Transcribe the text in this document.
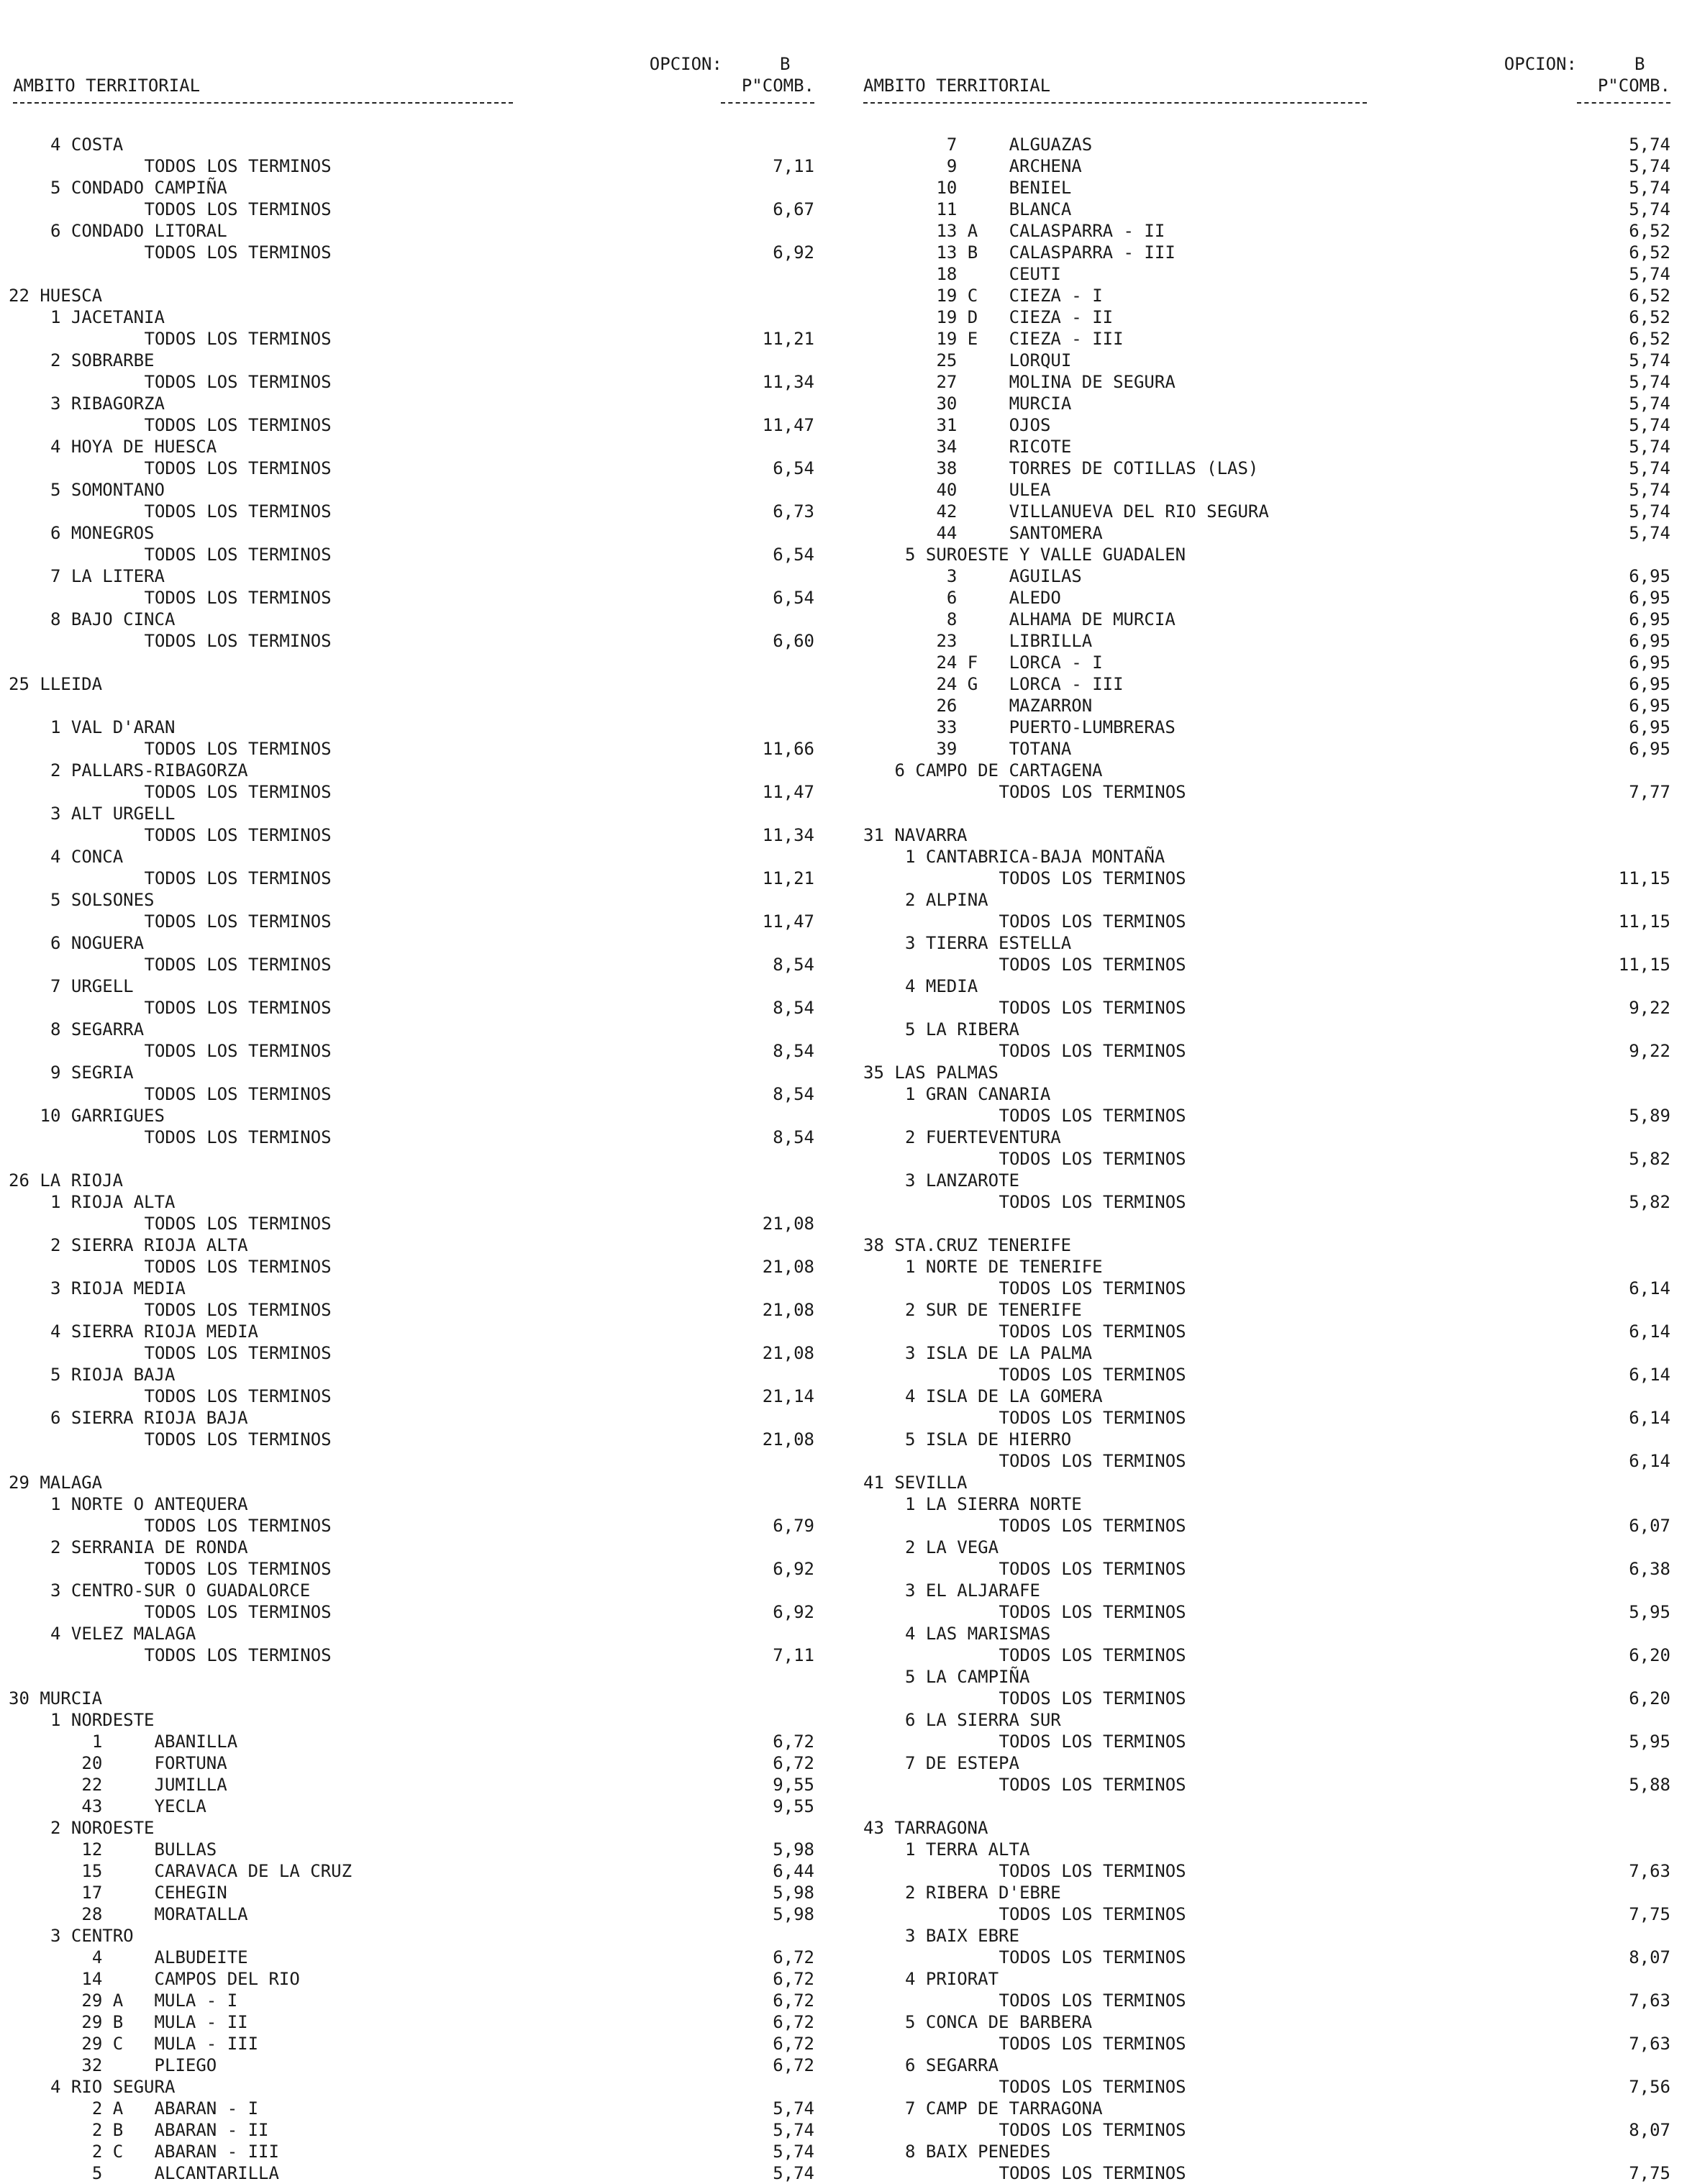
OPCION:	B

AMBITO TERRITORIAL	P"COMB.
4 COSTA
TODOS LOS TERMINOS	7,11
5 CONDADO CAMPIÑA
TODOS LOS TERMINOS	6,67
6 CONDADO LITORAL
TODOS LOS TERMINOS	6,92
22 HUESCA
1 JACETANIA
TODOS LOS TERMINOS	11,21
2 SOBRARBE
TODOS LOS TERMINOS	11,34
3 RIBAGORZA
TODOS LOS TERMINOS	11,47
4 HOYA DE HUESCA
TODOS LOS TERMINOS	6,54
5 SOMONTANO
TODOS LOS TERMINOS	6,73
6 MONEGROS
TODOS LOS TERMINOS	6,54
7 LA LITERA
TODOS LOS TERMINOS	6,54
8 BAJO CINCA
TODOS LOS TERMINOS	6,60
25 LLEIDA
1 VAL D'ARAN
TODOS LOS TERMINOS	11,66
2 PALLARS-RIBAGORZA
TODOS LOS TERMINOS	11,47
3 ALT URGELL
TODOS LOS TERMINOS	11,34
4 CONCA
TODOS LOS TERMINOS	11,21
5 SOLSONES
TODOS LOS TERMINOS	11,47
6 NOGUERA
TODOS LOS TERMINOS	8,54
7 URGELL
TODOS LOS TERMINOS	8,54
8 SEGARRA
TODOS LOS TERMINOS	8,54
9 SEGRIA
TODOS LOS TERMINOS	8,54
10 GARRIGUES
TODOS LOS TERMINOS	8,54
26 LA RIOJA
1 RIOJA ALTA
TODOS LOS TERMINOS	21,08
2 SIERRA RIOJA ALTA
TODOS LOS TERMINOS	21,08
3 RIOJA MEDIA
TODOS LOS TERMINOS	21,08
4 SIERRA RIOJA MEDIA
TODOS LOS TERMINOS	21,08
5 RIOJA BAJA
TODOS LOS TERMINOS	21,14
6 SIERRA RIOJA BAJA
TODOS LOS TERMINOS	21,08
29 MALAGA
1 NORTE O ANTEQUERA
TODOS LOS TERMINOS	6,79
2 SERRANIA DE RONDA
TODOS LOS TERMINOS	6,92
3 CENTRO-SUR O GUADALORCE
TODOS LOS TERMINOS	6,92
4 VELEZ MALAGA
TODOS LOS TERMINOS	7,11
30 MURCIA
1 NORDESTE
1     ABANILLA	6,72
20     FORTUNA	6,72
22     JUMILLA	9,55
43     YECLA	9,55
2 NOROESTE
12     BULLAS	5,98
15     CARAVACA DE LA CRUZ	6,44
17     CEHEGIN	5,98
28     MORATALLA	5,98
3 CENTRO
4     ALBUDEITE	6,72
14     CAMPOS DEL RIO	6,72
29 A   MULA - I	6,72
29 B   MULA - II	6,72
29 C   MULA - III	6,72
32     PLIEGO	6,72
4 RIO SEGURA
2 A   ABARAN - I	5,74
2 B   ABARAN - II	5,74
2 C   ABARAN - III	5,74
5     ALCANTARILLA	5,74

OPCION:	B

AMBITO TERRITORIAL	P"COMB.
7     ALGUAZAS	5,74
9     ARCHENA	5,74
10     BENIEL	5,74
11     BLANCA	5,74
13 A   CALASPARRA - II	6,52
13 B   CALASPARRA - III	6,52
18     CEUTI	5,74
19 C   CIEZA - I	6,52
19 D   CIEZA - II	6,52
19 E   CIEZA - III	6,52
25     LORQUI	5,74
27     MOLINA DE SEGURA	5,74
30     MURCIA	5,74
31     OJOS	5,74
34     RICOTE	5,74
38     TORRES DE COTILLAS (LAS)	5,74
40     ULEA	5,74
42     VILLANUEVA DEL RIO SEGURA	5,74
44     SANTOMERA	5,74
5 SUROESTE Y VALLE GUADALEN
3     AGUILAS	6,95
6     ALEDO	6,95
8     ALHAMA DE MURCIA	6,95
23     LIBRILLA	6,95
24 F   LORCA - I	6,95
24 G   LORCA - III	6,95
26     MAZARRON	6,95
33     PUERTO-LUMBRERAS	6,95
39     TOTANA	6,95
6 CAMPO DE CARTAGENA
TODOS LOS TERMINOS	7,77
31 NAVARRA
1 CANTABRICA-BAJA MONTAÑA
TODOS LOS TERMINOS	11,15
2 ALPINA
TODOS LOS TERMINOS	11,15
3 TIERRA ESTELLA
TODOS LOS TERMINOS	11,15
4 MEDIA
TODOS LOS TERMINOS	9,22
5 LA RIBERA
TODOS LOS TERMINOS	9,22
35 LAS PALMAS
1 GRAN CANARIA
TODOS LOS TERMINOS	5,89
2 FUERTEVENTURA
TODOS LOS TERMINOS	5,82
3 LANZAROTE
TODOS LOS TERMINOS	5,82
38 STA.CRUZ TENERIFE
1 NORTE DE TENERIFE
TODOS LOS TERMINOS	6,14
2 SUR DE TENERIFE
TODOS LOS TERMINOS	6,14
3 ISLA DE LA PALMA
TODOS LOS TERMINOS	6,14
4 ISLA DE LA GOMERA
TODOS LOS TERMINOS	6,14
5 ISLA DE HIERRO
TODOS LOS TERMINOS	6,14
41 SEVILLA
1 LA SIERRA NORTE
TODOS LOS TERMINOS	6,07
2 LA VEGA
TODOS LOS TERMINOS	6,38
3 EL ALJARAFE
TODOS LOS TERMINOS	5,95
4 LAS MARISMAS
TODOS LOS TERMINOS	6,20
5 LA CAMPIÑA
TODOS LOS TERMINOS	6,20
6 LA SIERRA SUR
TODOS LOS TERMINOS	5,95
7 DE ESTEPA
TODOS LOS TERMINOS	5,88
43 TARRAGONA
1 TERRA ALTA
TODOS LOS TERMINOS	7,63
2 RIBERA D'EBRE
TODOS LOS TERMINOS	7,75
3 BAIX EBRE
TODOS LOS TERMINOS	8,07
4 PRIORAT
TODOS LOS TERMINOS	7,63
5 CONCA DE BARBERA
TODOS LOS TERMINOS	7,63
6 SEGARRA
TODOS LOS TERMINOS	7,56
7 CAMP DE TARRAGONA
TODOS LOS TERMINOS	8,07
8 BAIX PENEDES
TODOS LOS TERMINOS	7,75
